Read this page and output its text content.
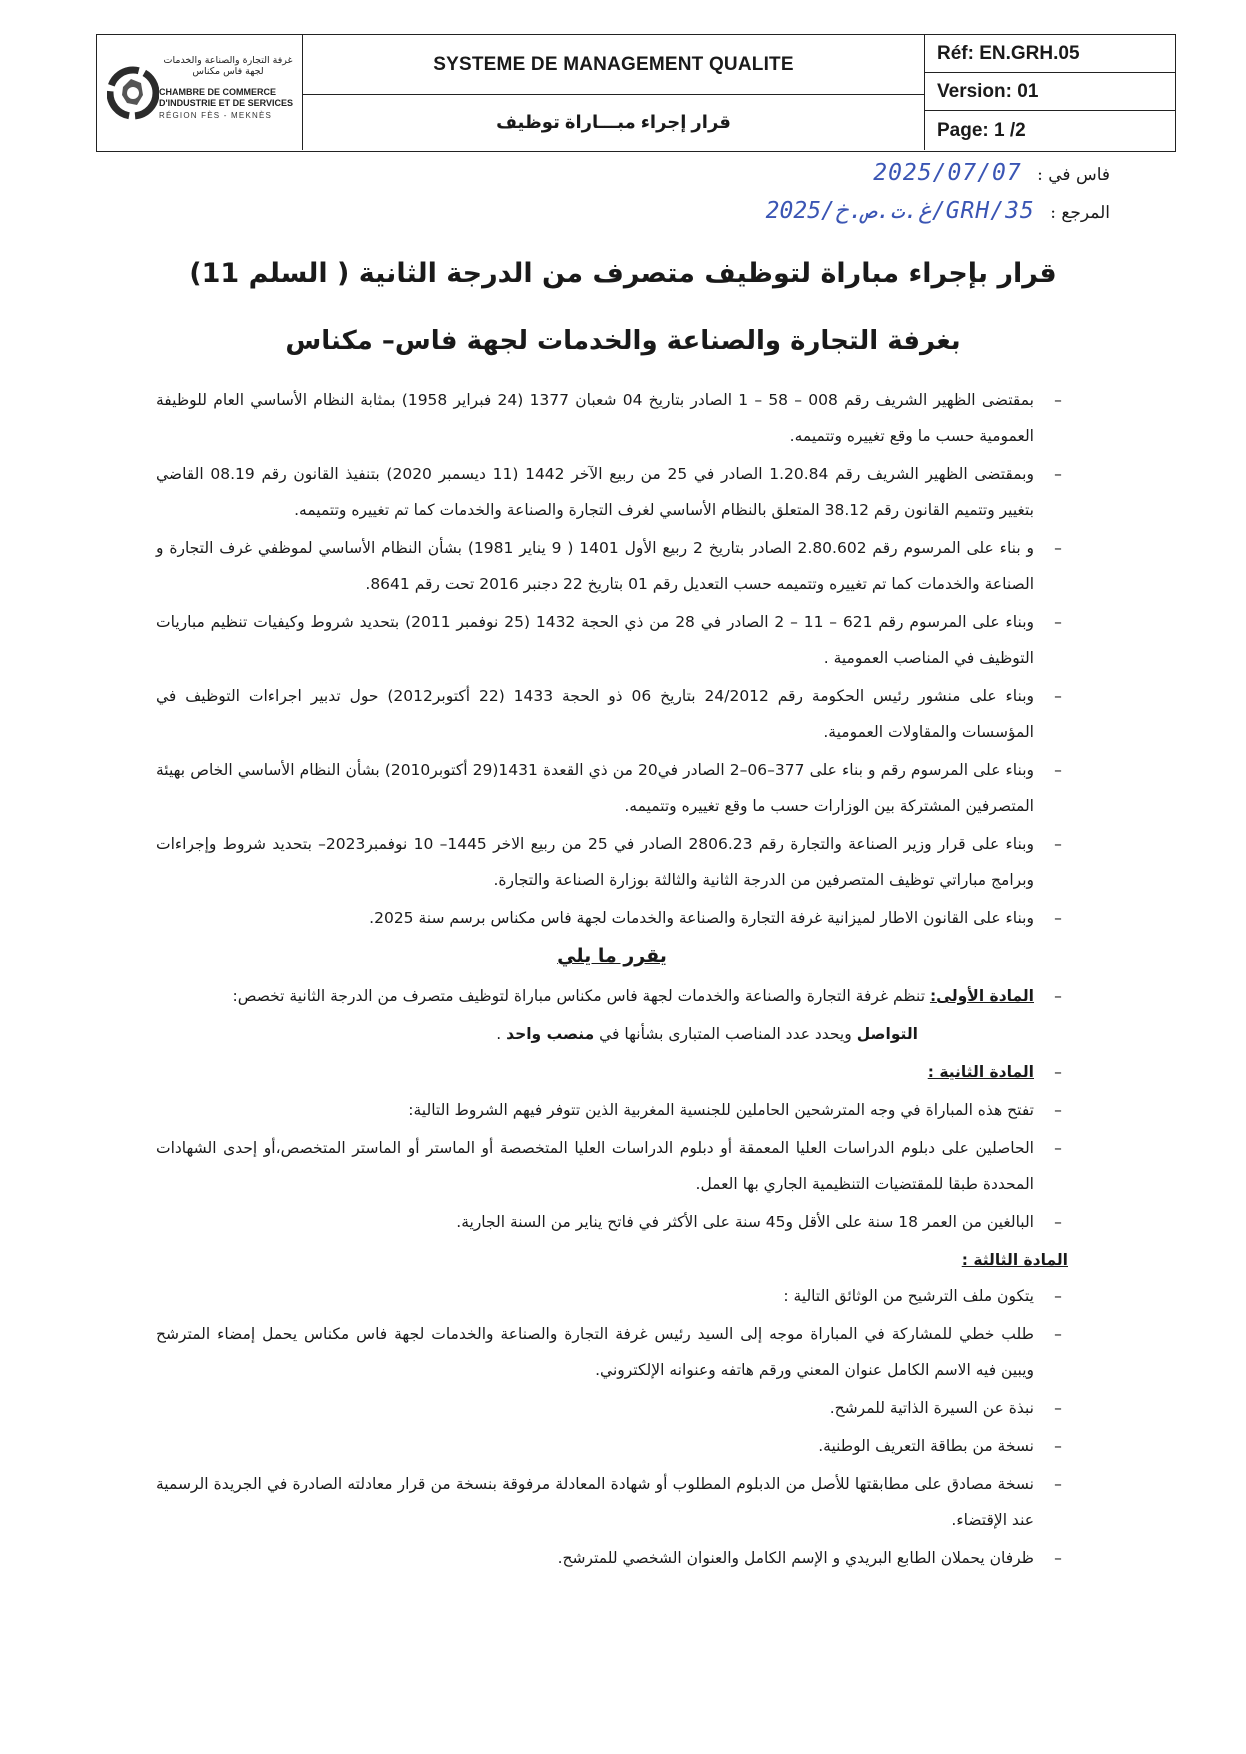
غرفة التجارة والصناعة والخدمات لجهة فاس مكناس
CHAMBRE DE COMMERCE D'INDUSTRIE ET DE SERVICES
RÉGION FÈS - MEKNÈS
SYSTEME DE MANAGEMENT QUALITE
قرار إجراء مبـــاراة توظيف
Réf: EN.GRH.05
Version: 01
Page: 1 /2
فاس في : 2025/07/07
المرجع : 2025/غ.ت.ص.خ/GRH/35
قرار بإجراء مباراة لتوظيف متصرف من الدرجة الثانية ( السلم 11)
بغرفة التجارة والصناعة والخدمات لجهة فاس– مكناس
– بمقتضى الظهير الشريف رقم 008 – 58 – 1 الصادر بتاريخ 04 شعبان 1377 (24 فبراير 1958) بمثابة النظام الأساسي العام للوظيفة العمومية حسب ما وقع تغييره وتتميمه.
– وبمقتضى الظهير الشريف رقم 1.20.84 الصادر في 25 من ربيع الآخر 1442 (11 ديسمبر 2020) بتنفيذ القانون رقم 08.19 القاضي بتغيير وتتميم القانون رقم 38.12 المتعلق بالنظام الأساسي لغرف التجارة والصناعة والخدمات كما تم تغييره وتتميمه.
– و بناء على المرسوم رقم 2.80.602 الصادر بتاريخ 2 ربيع الأول 1401 ( 9 يناير 1981) بشأن النظام الأساسي لموظفي غرف التجارة و الصناعة والخدمات كما تم تغييره وتتميمه حسب التعديل رقم 01 بتاريخ 22 دجنبر 2016 تحت رقم 8641.
– وبناء على المرسوم رقم 621 – 11 – 2 الصادر في 28 من ذي الحجة 1432 (25 نوفمبر 2011) بتحديد شروط وكيفيات تنظيم مباريات التوظيف في المناصب العمومية .
– وبناء على منشور رئيس الحكومة رقم 24/2012 بتاريخ 06 ذو الحجة 1433 (22 أكتوبر2012) حول تدبير اجراءات التوظيف في المؤسسات والمقاولات العمومية.
– وبناء على المرسوم رقم و بناء على 377–06–2 الصادر في20 من ذي القعدة 1431(29 أكتوبر2010) بشأن النظام الأساسي الخاص بهيئة المتصرفين المشتركة بين الوزارات حسب ما وقع تغييره وتتميمه.
– وبناء على قرار وزير الصناعة والتجارة رقم 2806.23 الصادر في 25 من ربيع الاخر 1445– 10 نوفمبر2023– بتحديد شروط وإجراءات وبرامج مباراتي توظيف المتصرفين من الدرجة الثانية والثالثة بوزارة الصناعة والتجارة.
– وبناء على القانون الاطار لميزانية غرفة التجارة والصناعة والخدمات لجهة فاس مكناس برسم سنة 2025.
يقرر ما يلي
– المادة الأولى: تنظم غرفة التجارة والصناعة والخدمات لجهة فاس مكناس مباراة لتوظيف متصرف من الدرجة الثانية تخصص:
التواصل ويحدد عدد المناصب المتبارى بشأنها في منصب واحد .
– المادة الثانية :
– تفتح هذه المباراة في وجه المترشحين الحاملين للجنسية المغربية الذين تتوفر فيهم الشروط التالية:
– الحاصلين على دبلوم الدراسات العليا المعمقة أو دبلوم الدراسات العليا المتخصصة أو الماستر أو الماستر المتخصص،أو إحدى الشهادات المحددة طبقا للمقتضيات التنظيمية الجاري بها العمل.
– البالغين من العمر 18 سنة على الأقل و45 سنة على الأكثر في فاتح يناير من السنة الجارية.
المادة الثالثة :
– يتكون ملف الترشيح من الوثائق التالية :
– طلب خطي للمشاركة في المباراة موجه إلى السيد رئيس غرفة التجارة والصناعة والخدمات لجهة فاس مكناس يحمل إمضاء المترشح ويبين فيه الاسم الكامل عنوان المعني ورقم هاتفه وعنوانه الإلكتروني.
– نبذة عن السيرة الذاتية للمرشح.
– نسخة من بطاقة التعريف الوطنية.
– نسخة مصادق على مطابقتها للأصل من الدبلوم المطلوب أو شهادة المعادلة مرفوقة بنسخة من قرار معادلته الصادرة في الجريدة الرسمية عند الإقتضاء.
– ظرفان يحملان الطابع البريدي و الإسم الكامل والعنوان الشخصي للمترشح.
